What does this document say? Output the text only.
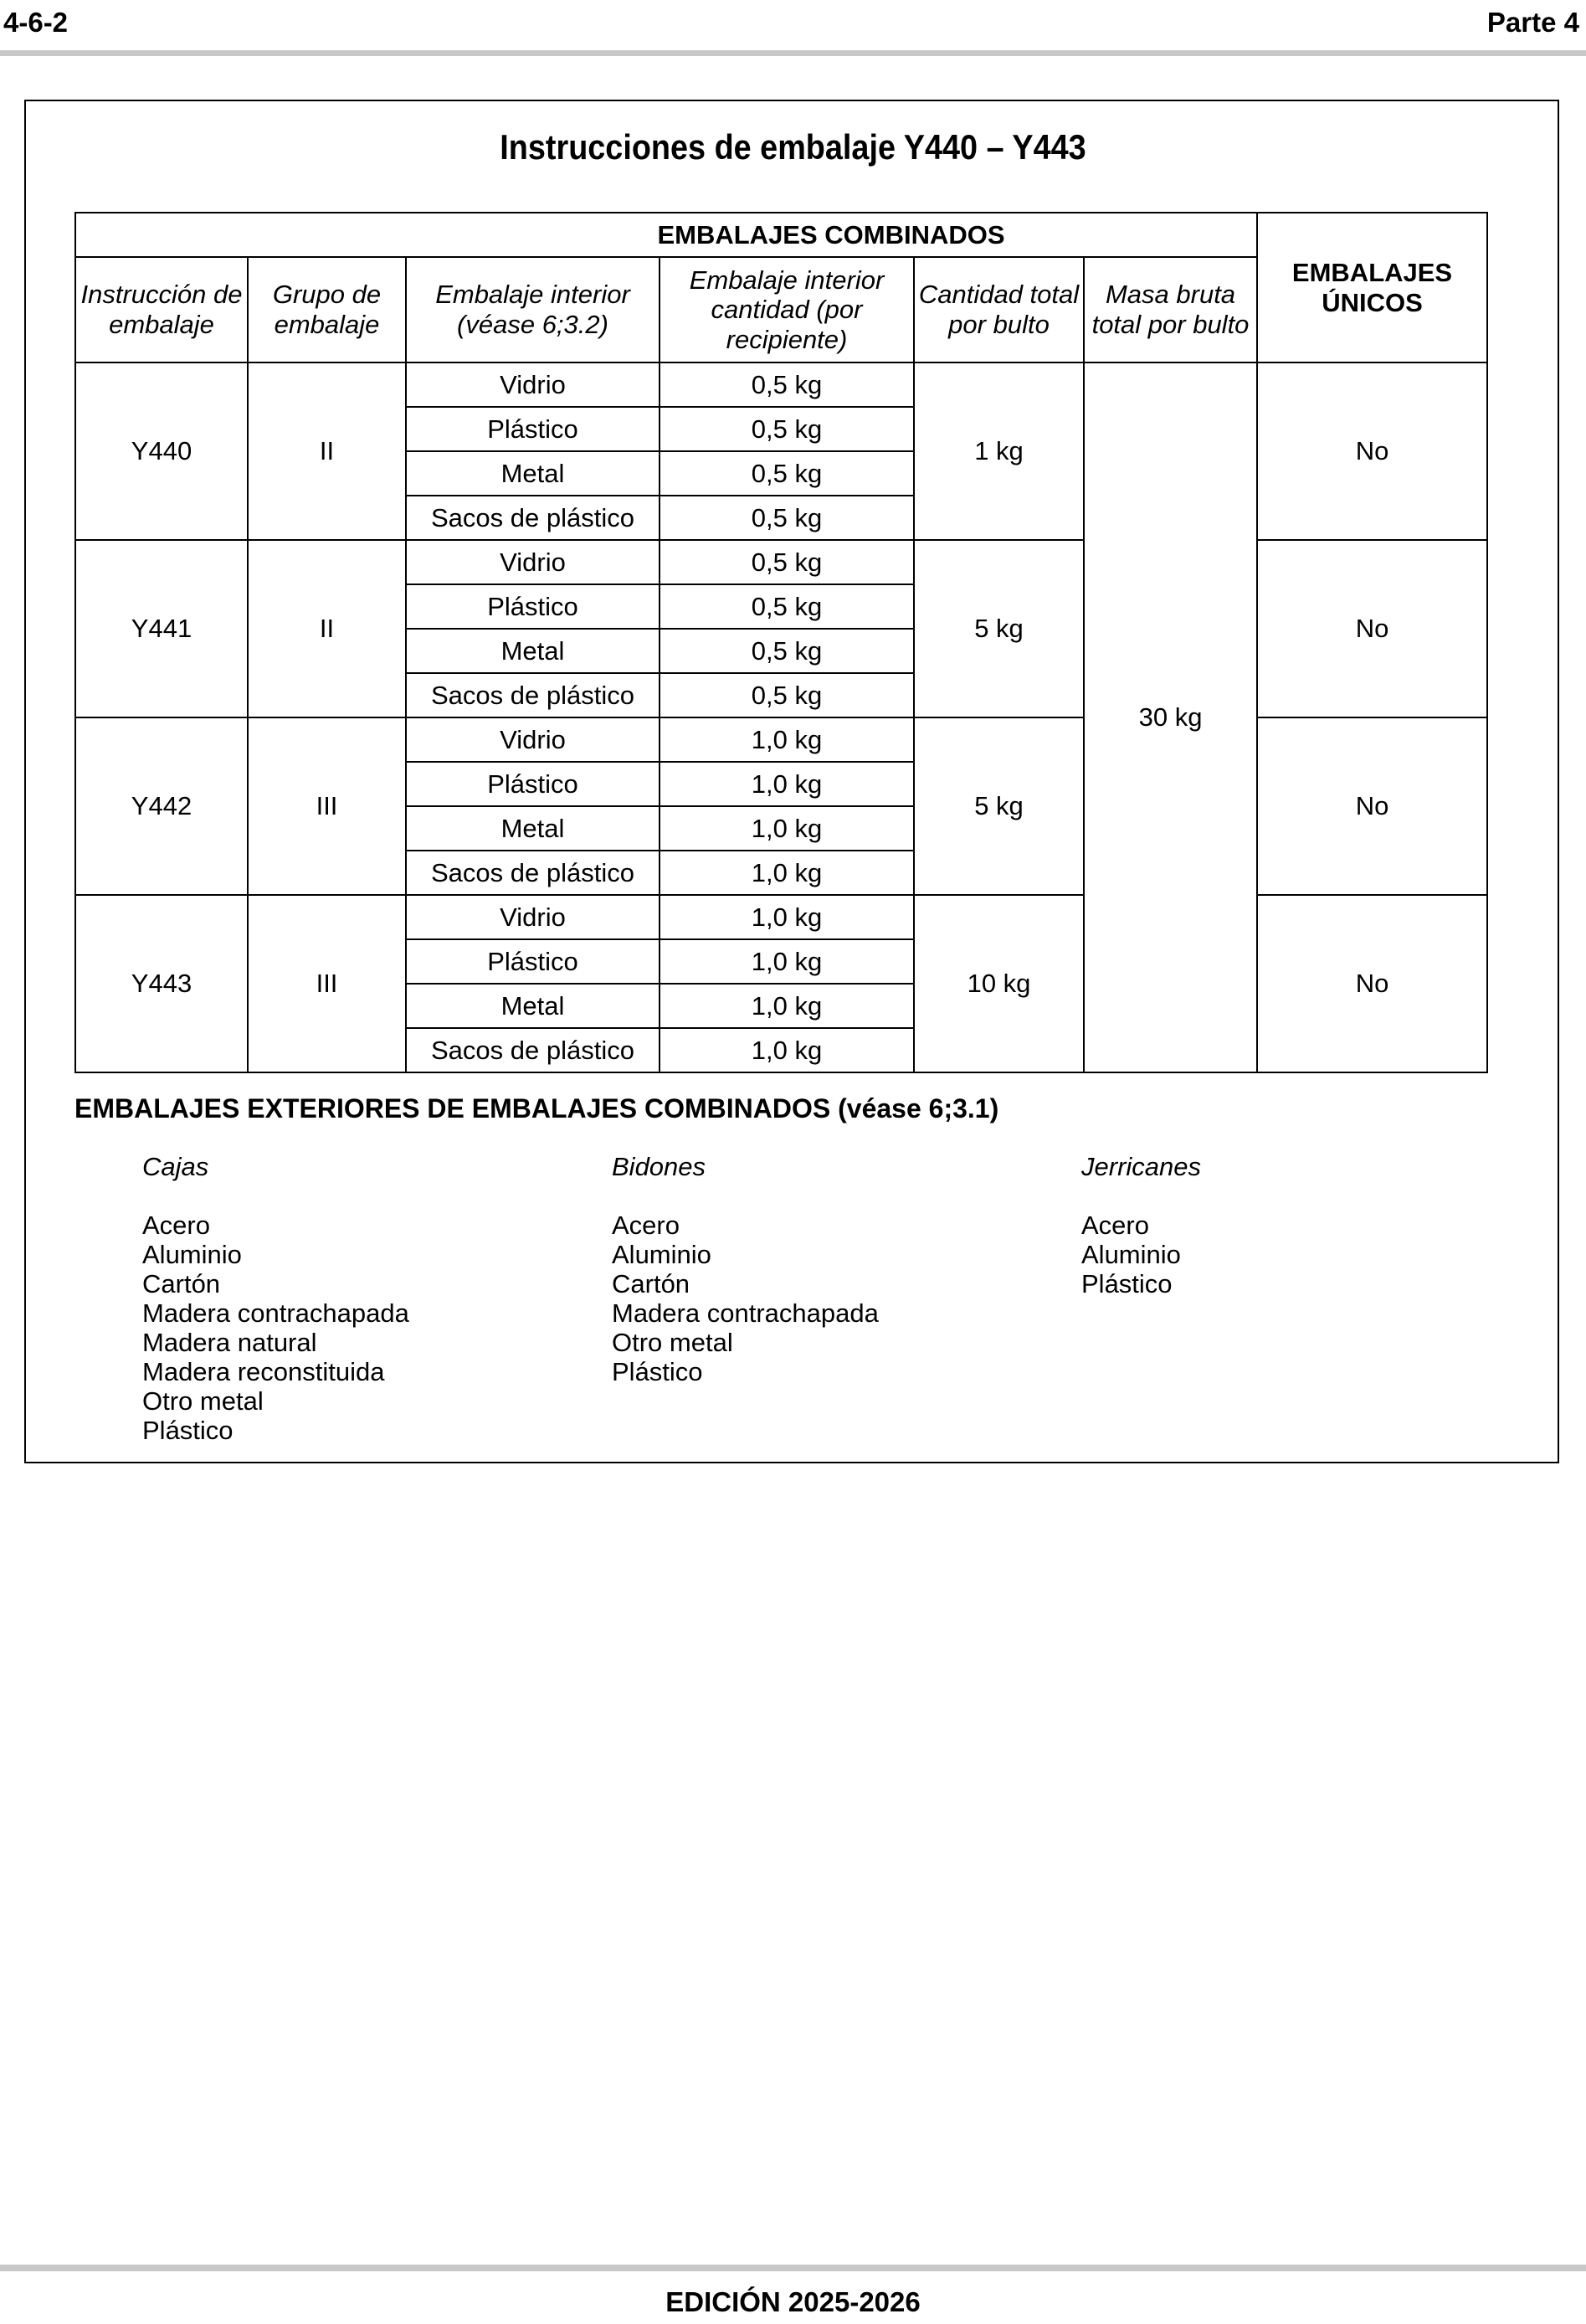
4-6-2	Parte 4
Instrucciones de embalaje Y440 – Y443
		EMBALAJES COMBINADOS				EMBALAJES ÚNICOS
Instrucción de embalaje	Grupo de embalaje	Embalaje interior (véase 6;3.2)	Embalaje interior cantidad (por recipiente)	Cantidad total por bulto	Masa bruta total por bulto	
Y440	II	Vidrio	0,5 kg	1 kg	30 kg	No
		Plástico	0,5 kg			
		Metal	0,5 kg			
		Sacos de plástico	0,5 kg			
Y441	II	Vidrio	0,5 kg	5 kg		No
		Plástico	0,5 kg			
		Metal	0,5 kg			
		Sacos de plástico	0,5 kg			
Y442	III	Vidrio	1,0 kg	5 kg		No
		Plástico	1,0 kg			
		Metal	1,0 kg			
		Sacos de plástico	1,0 kg			
Y443	III	Vidrio	1,0 kg	10 kg		No
		Plástico	1,0 kg			
		Metal	1,0 kg			
		Sacos de plástico	1,0 kg			
EMBALAJES EXTERIORES DE EMBALAJES COMBINADOS (véase 6;3.1)
Cajas
Acero
Aluminio
Cartón
Madera contrachapada
Madera natural
Madera reconstituida
Otro metal
Plástico
Bidones
Acero
Aluminio
Cartón
Madera contrachapada
Otro metal
Plástico
Jerricanes
Acero
Aluminio
Plástico
EDICIÓN 2025-2026
